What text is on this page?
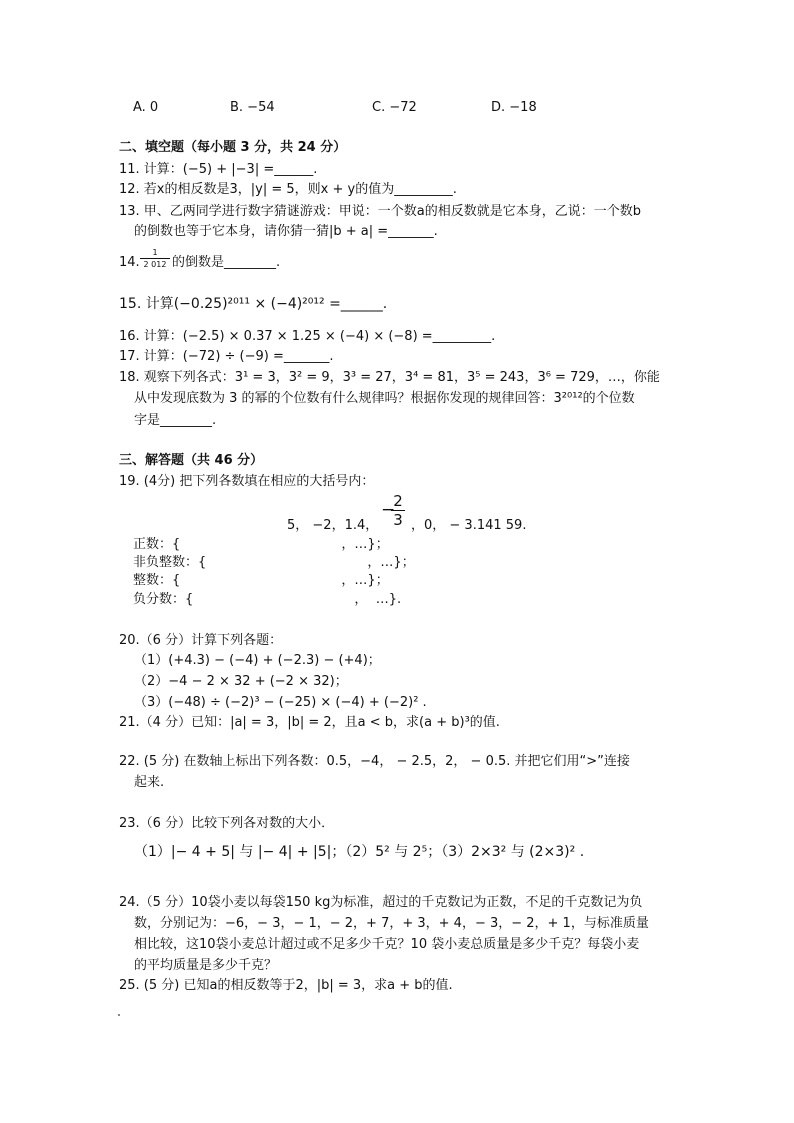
A. 0	B. −54	C. −72	D. −18
二、填空题（每小题 3 分，共 24 分）
11. 计算：(−5) + |−3| =______.
12. 若x的相反数是3，|y| = 5，则x + y的值为_________.
13. 甲、乙两同学进行数字猜谜游戏：甲说：一个数a的相反数就是它本身，乙说：一个数b
的倒数也等于它本身，请你猜一猜|b + a| =_______.
14. $\frac{1}{2 012}$ 的倒数是________.
15. 计算(−0.25)²⁰¹¹ × (−4)²⁰¹² =______.
16. 计算：(−2.5) × 0.37 × 1.25 × (−4) × (−8) =_________.
17. 计算：(−72) ÷ (−9) =_______.
18. 观察下列各式：3¹ = 3，3² = 9，3³ = 27，3⁴ = 81，3⁵ = 243，3⁶ = 729，…，你能
从中发现底数为 3 的幂的个位数有什么规律吗？根据你发现的规律回答：3²⁰¹²的个位数
字是________.
三、解答题（共 46 分）
19. (4分) 把下列各数填在相应的大括号内：
−
$\frac{2}{3}$
5， −2，1.4，	，0， − 3.141 59.
正数：{                                       ，…}；
非负整数：{                                       ，…}；
整数：{                                       ，…}；
负分数：{                                       ，  …}.
20.（6 分）计算下列各题：
（1）(+4.3) − (−4) + (−2.3) − (+4)；
（2）−4 − 2 × 32 + (−2 × 32)；
（3）(−48) ÷ (−2)³ − (−25) × (−4) + (−2)² .
21.（4 分）已知：|a| = 3，|b| = 2，且a < b，求(a + b)³的值.
22. (5 分) 在数轴上标出下列各数：0.5，−4， − 2.5，2， − 0.5. 并把它们用“>”连接
起来.
23.（6 分）比较下列各对数的大小．
（1）|− 4 + 5| 与 |− 4| + |5|；（2）5² 与 2⁵；（3）2×3² 与 (2×3)² .
24.（5 分）10袋小麦以每袋150 kg为标准，超过的千克数记为正数，不足的千克数记为负
数，分别记为：−6，− 3，− 1，− 2，+ 7，+ 3，+ 4，− 3，− 2，+ 1，与标准质量
相比较，这10袋小麦总计超过或不足多少千克？10 袋小麦总质量是多少千克？每袋小麦
的平均质量是多少千克？
25. (5 分) 已知a的相反数等于2，|b| = 3，求a + b的值.
